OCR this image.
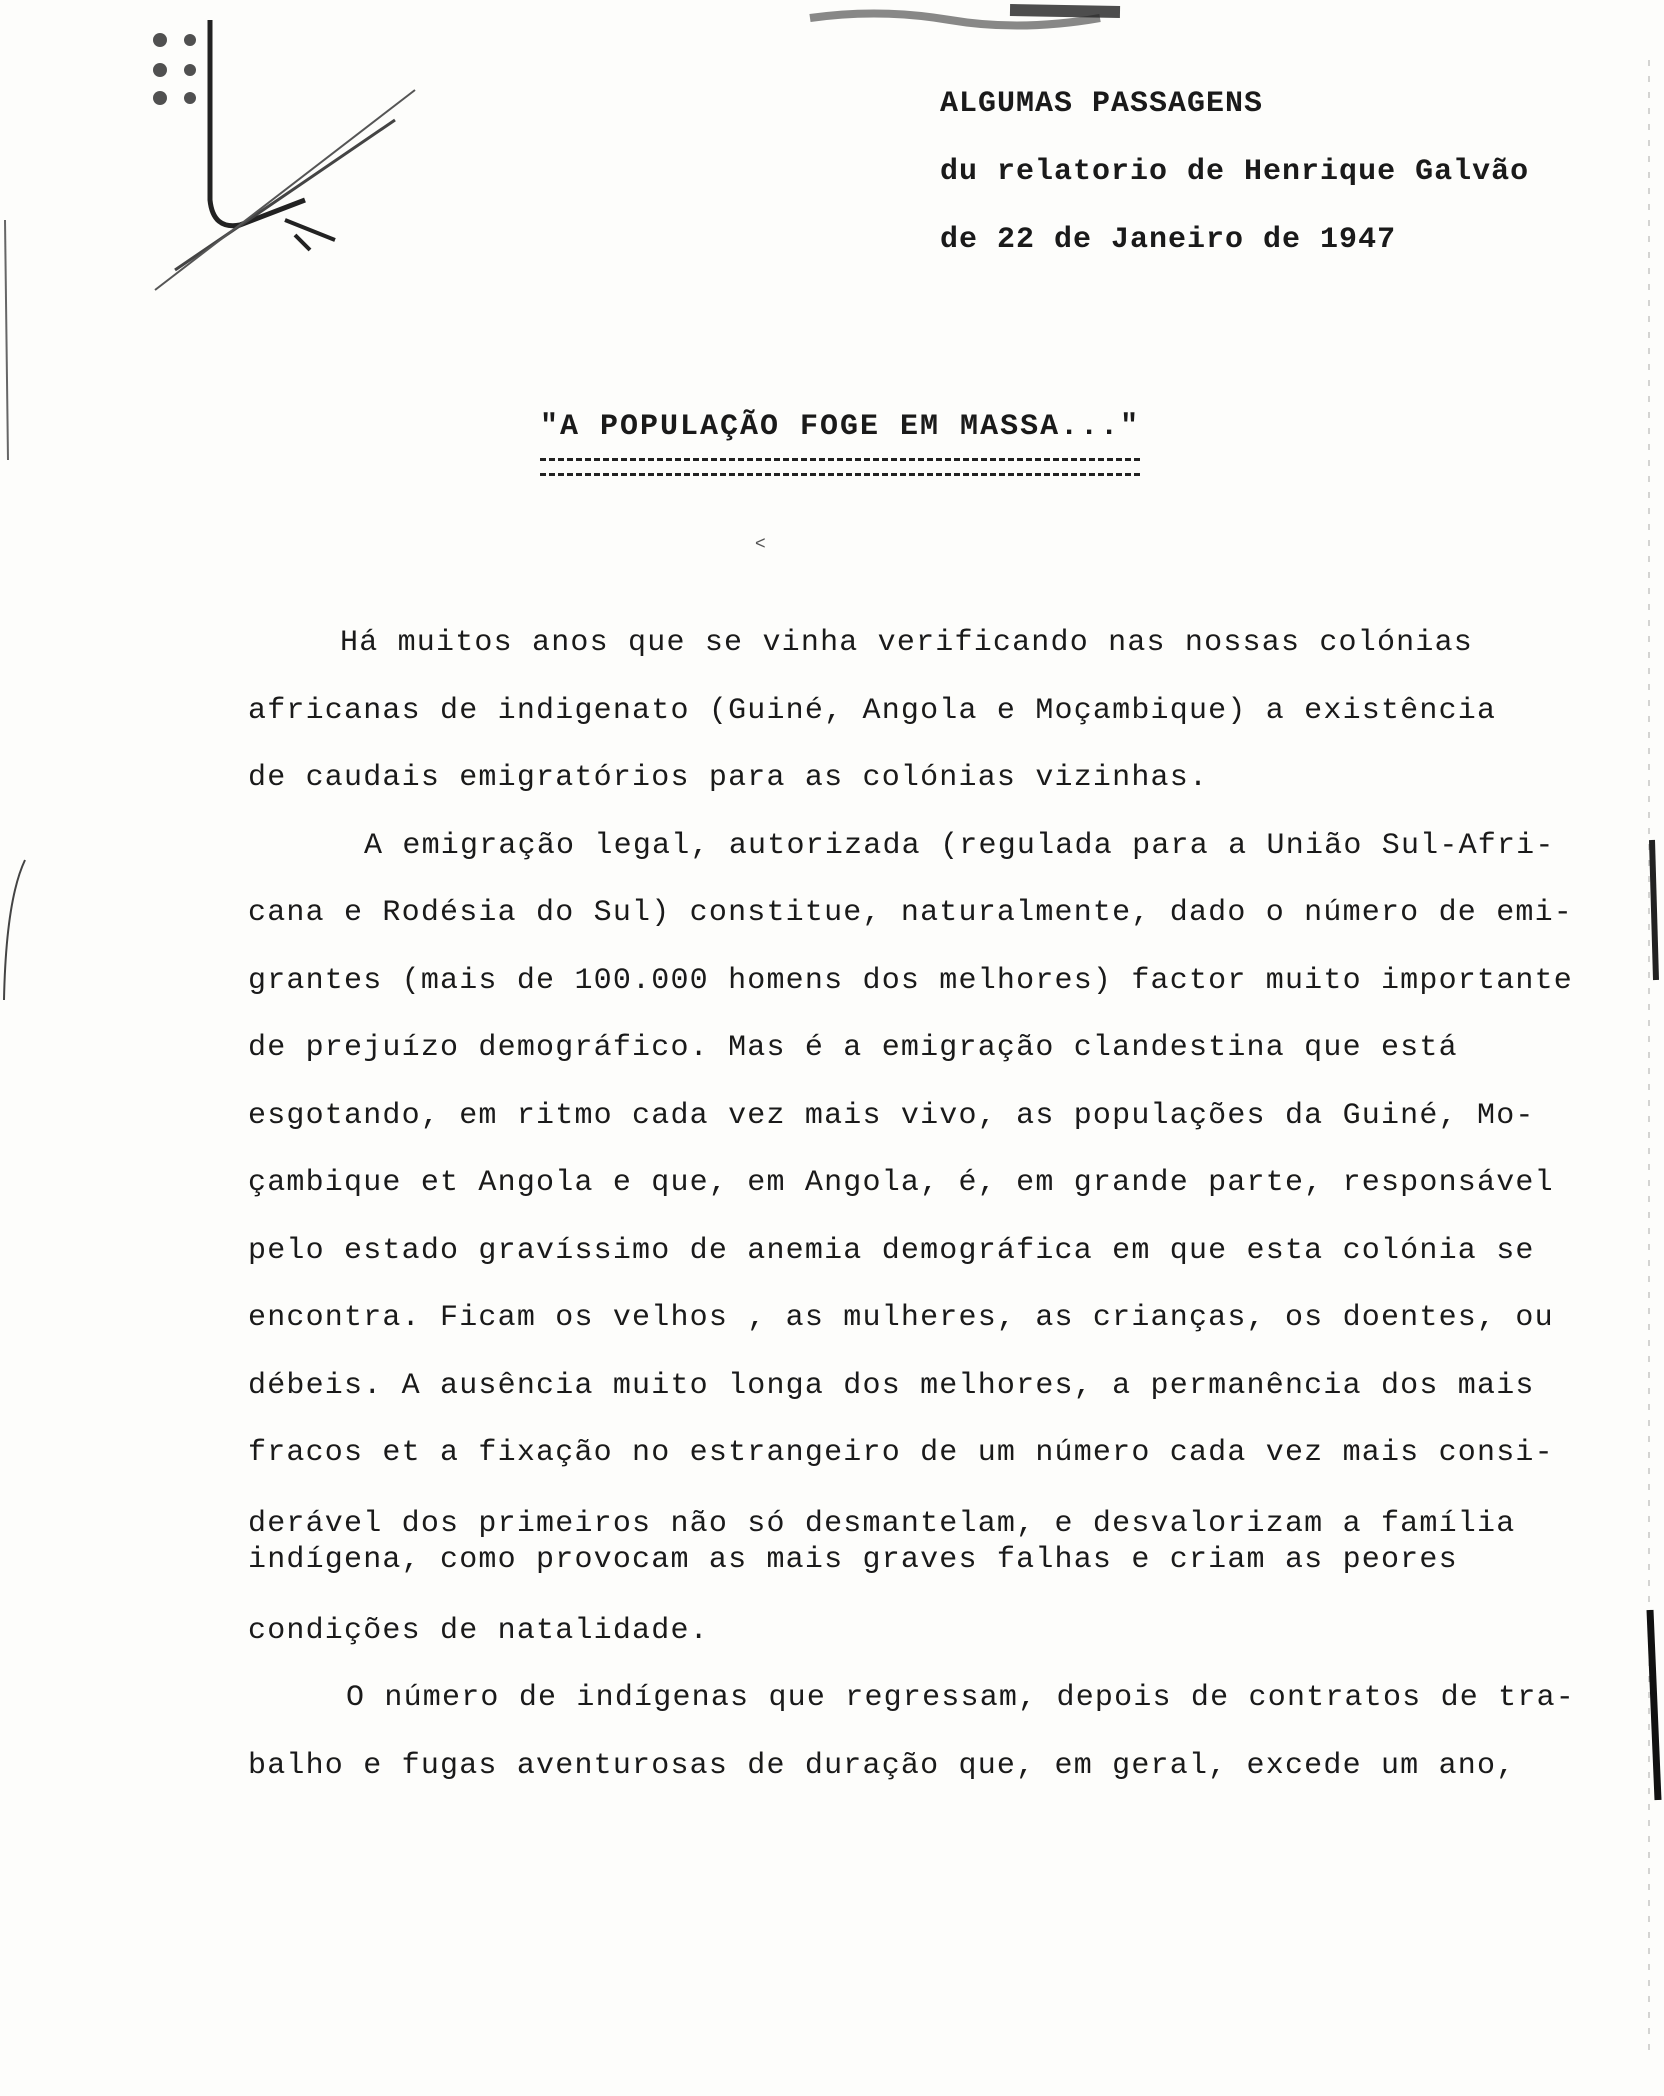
ALGUMAS PASSAGENS
du relatorio de Henrique Galvão
de 22 de Janeiro de 1947
"A POPULAÇÃO FOGE EM MASSA..."
˂

Há muitos anos que se vinha verificando nas nossas colónias

africanas de indigenato (Guiné, Angola e Moçambique) a existência

de caudais emigratórios para as colónias vizinhas.

A emigração legal, autorizada (regulada para a União Sul-Afri-

cana e Rodésia do Sul) constitue, naturalmente, dado o número de emi-

grantes (mais de 100.000 homens dos melhores) factor muito importante

de prejuízo demográfico. Mas é a emigração clandestina que está

esgotando, em ritmo cada vez mais vivo, as populações da Guiné, Mo-

çambique et Angola e que, em Angola, é, em grande parte, responsável

pelo estado gravíssimo de anemia demográfica em que esta colónia se

encontra. Ficam os velhos , as mulheres, as crianças, os doentes, ou

débeis. A ausência muito longa dos melhores, a permanência dos mais

fracos et a fixação no estrangeiro de um número cada vez mais consi-

derável dos primeiros não só desmantelam, e desvalorizam a família

indígena, como provocam as mais graves falhas e criam as peores

condições de natalidade.

O número de indígenas que regressam, depois de contratos de tra-

balho e fugas aventurosas de duração que, em geral, excede um ano,
